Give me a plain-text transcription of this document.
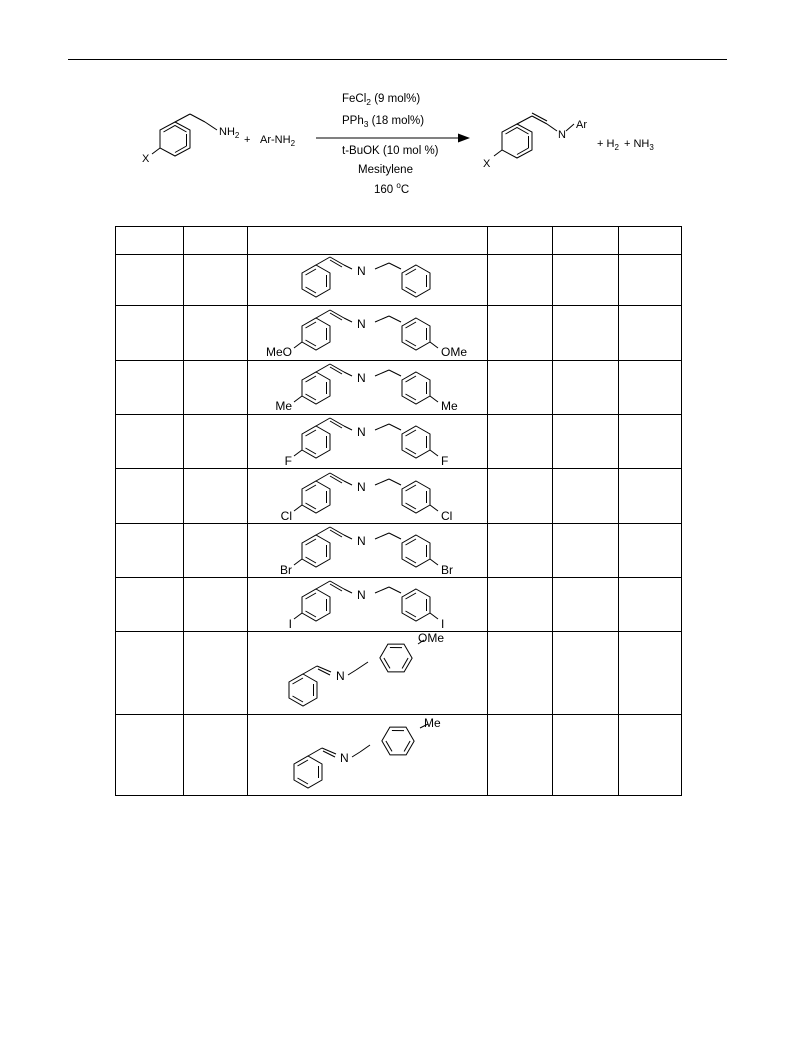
X
$NH_2 + Ar-NH_2$
FeCl$_2$ (9 mol%)
PPh$_3$ (18 mol%)
t-BuOK (10 mol %)
Mesitylene
160 $^o$C
X
N
Ar
+ $H_2 + NH_3$

N			

N
MeO OMe			

N
Me Me			

N
F F			

N
Cl Cl			

N
Br Br			

N
I I			

N
OMe			

N
Me			
